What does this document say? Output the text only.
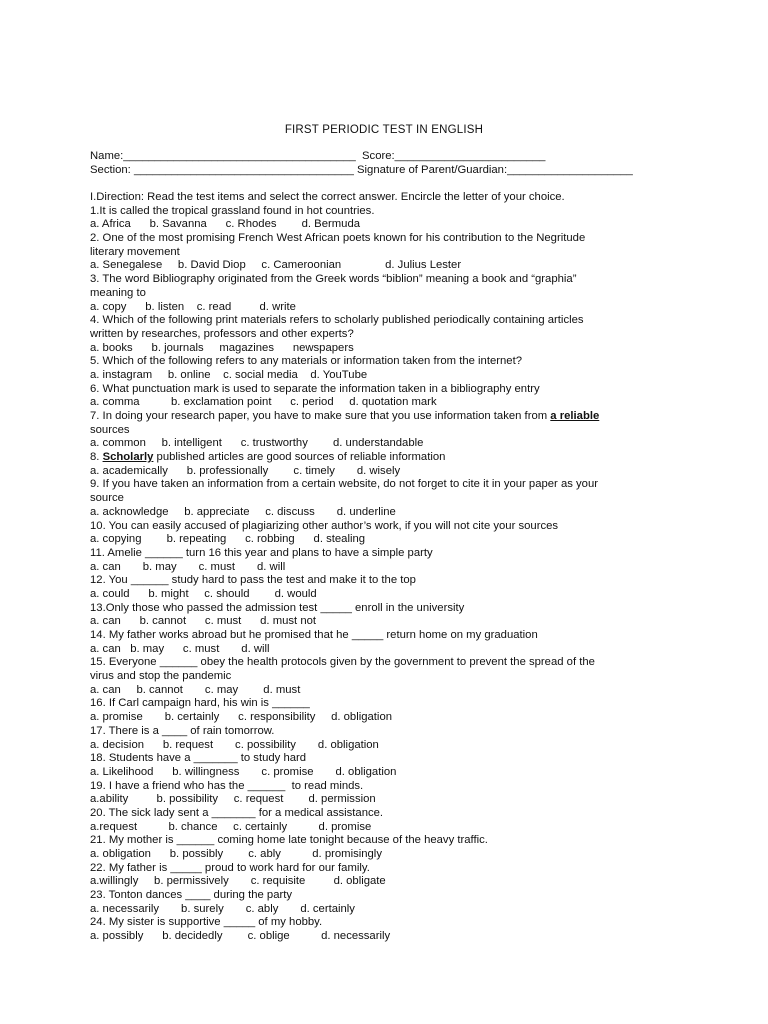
FIRST PERIODIC TEST IN ENGLISH
Name:_____________________________________  Score:________________________
Section: ___________________________________ Signature of Parent/Guardian:____________________
I.Direction: Read the test items and select the correct answer. Encircle the letter of your choice.
1.It is called the tropical grassland found in hot countries.
a. Africa      b. Savanna      c. Rhodes        d. Bermuda
2. One of the most promising French West African poets known for his contribution to the Negritude
literary movement
a. Senegalese     b. David Diop     c. Cameroonian              d. Julius Lester
3. The word Bibliography originated from the Greek words “biblion” meaning a book and “graphia”
meaning to
a. copy      b. listen    c. read         d. write
4. Which of the following print materials refers to scholarly published periodically containing articles
written by researches, professors and other experts?
a. books      b. journals     magazines      newspapers
5. Which of the following refers to any materials or information taken from the internet?
a. instagram     b. online    c. social media    d. YouTube
6. What punctuation mark is used to separate the information taken in a bibliography entry
a. comma          b. exclamation point      c. period     d. quotation mark
7. In doing your research paper, you have to make sure that you use information taken from a reliable
sources
a. common     b. intelligent      c. trustworthy        d. understandable
8. Scholarly published articles are good sources of reliable information
a. academically      b. professionally        c. timely       d. wisely
9. If you have taken an information from a certain website, do not forget to cite it in your paper as your
source
a. acknowledge     b. appreciate     c. discuss       d. underline
10. You can easily accused of plagiarizing other author’s work, if you will not cite your sources
a. copying        b. repeating      c. robbing      d. stealing
11. Amelie ______ turn 16 this year and plans to have a simple party
a. can       b. may       c. must       d. will
12. You ______ study hard to pass the test and make it to the top
a. could      b. might     c. should        d. would
13.Only those who passed the admission test _____ enroll in the university
a. can      b. cannot      c. must      d. must not
14. My father works abroad but he promised that he _____ return home on my graduation
a. can   b. may      c. must       d. will
15. Everyone ______ obey the health protocols given by the government to prevent the spread of the
virus and stop the pandemic
a. can     b. cannot       c. may        d. must
16. If Carl campaign hard, his win is ______
a. promise       b. certainly      c. responsibility     d. obligation
17. There is a ____ of rain tomorrow.
a. decision      b. request       c. possibility       d. obligation
18. Students have a _______ to study hard
a. Likelihood      b. willingness       c. promise       d. obligation
19. I have a friend who has the ______  to read minds.
a.ability         b. possibility     c. request        d. permission
20. The sick lady sent a _______ for a medical assistance.
a.request          b. chance     c. certainly          d. promise
21. My mother is ______ coming home late tonight because of the heavy traffic.
a. obligation      b. possibly        c. ably          d. promisingly
22. My father is _____ proud to work hard for our family.
a.willingly     b. permissively       c. requisite         d. obligate
23. Tonton dances ____ during the party
a. necessarily       b. surely       c. ably       d. certainly
24. My sister is supportive _____ of my hobby.
a. possibly      b. decidedly        c. oblige          d. necessarily
